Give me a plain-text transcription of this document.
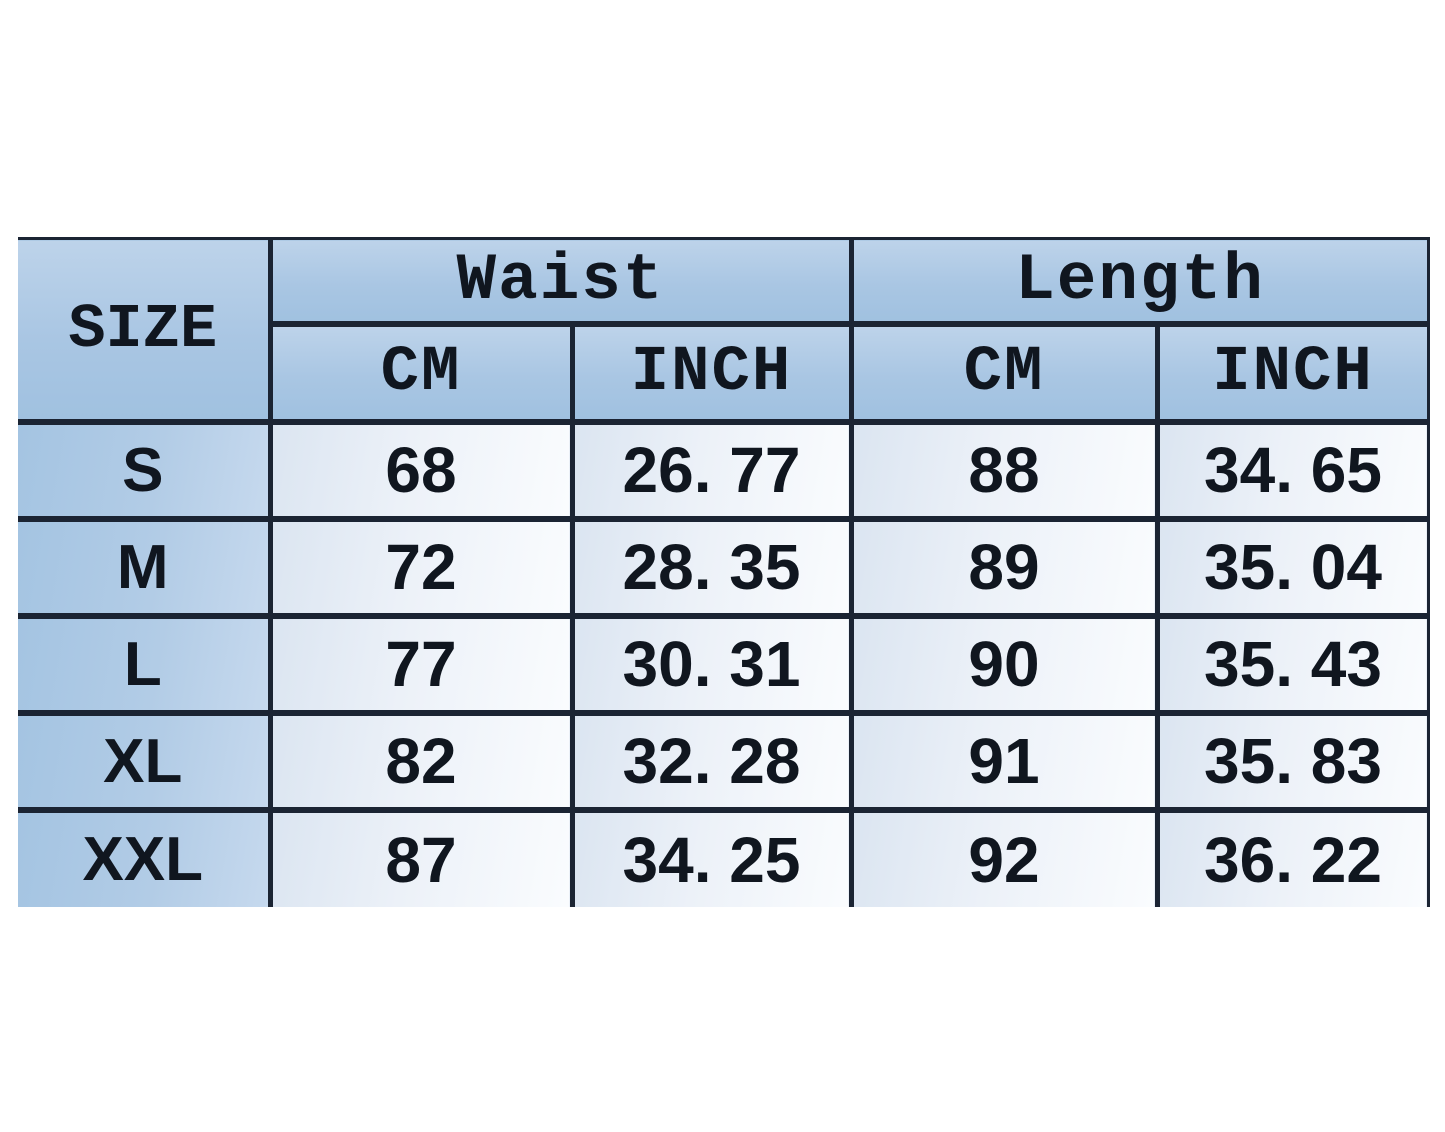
SIZE	Waist		Length	
	CM	INCH	CM	INCH
S	68	26. 77	88	34. 65
M	72	28. 35	89	35. 04
L	77	30. 31	90	35. 43
XL	82	32. 28	91	35. 83
XXL	87	34. 25	92	36. 22
